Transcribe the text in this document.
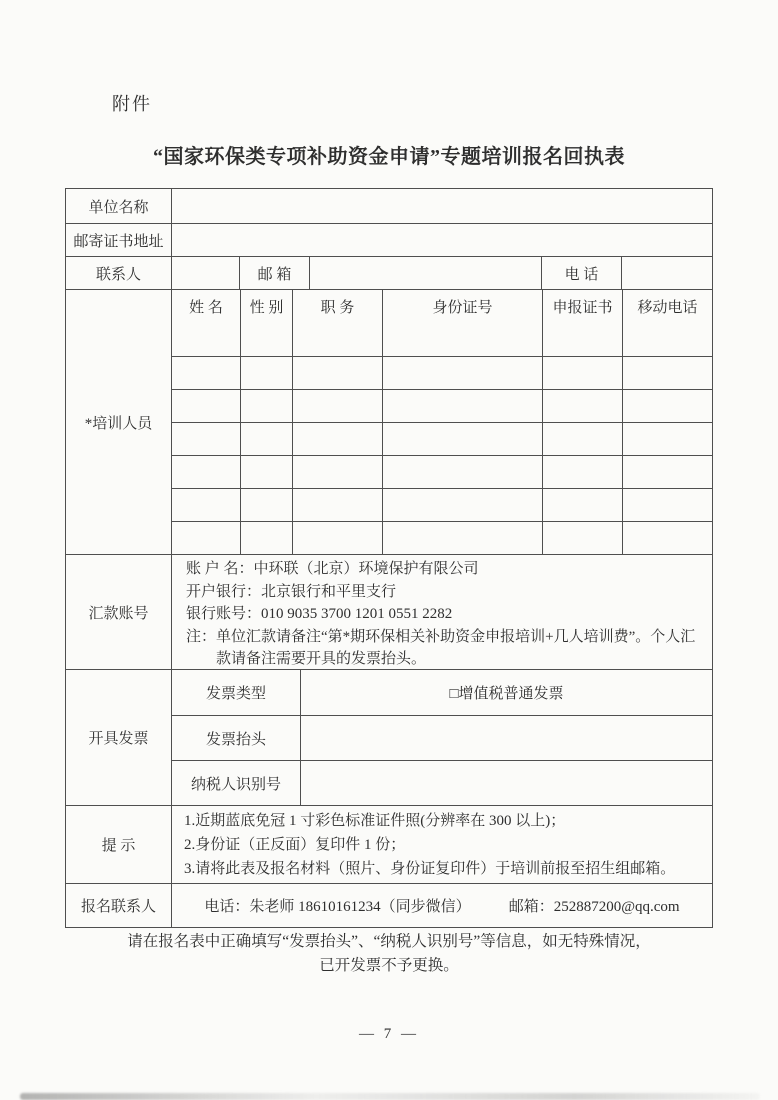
附件
“国家环保类专项补助资金申请”专题培训报名回执表
单位名称
邮寄证书地址
联系人	邮 箱	电 话
*培训人员
姓 名	性 别	职 务	身份证号	申报证书	移动电话
汇款账号
账 户 名：中环联（北京）环境保护有限公司
开户银行：北京银行和平里支行
银行账号：010 9035 3700 1201 0551 2282
注：单位汇款请备注“第*期环保相关补助资金申报培训+几人培训费”。个人汇
款请备注需要开具的发票抬头。
开具发票
发票类型	□增值税普通发票
发票抬头
纳税人识别号
提 示
1.近期蓝底免冠 1 寸彩色标准证件照(分辨率在 300 以上)；
2.身份证（正反面）复印件 1 份；
3.请将此表及报名材料（照片、身份证复印件）于培训前报至招生组邮箱。
报名联系人	电话：朱老师 18610161234（同步微信）	邮箱：252887200@qq.com
请在报名表中正确填写“发票抬头”、“纳税人识别号”等信息，如无特殊情况，
已开发票不予更换。
— 7 —
